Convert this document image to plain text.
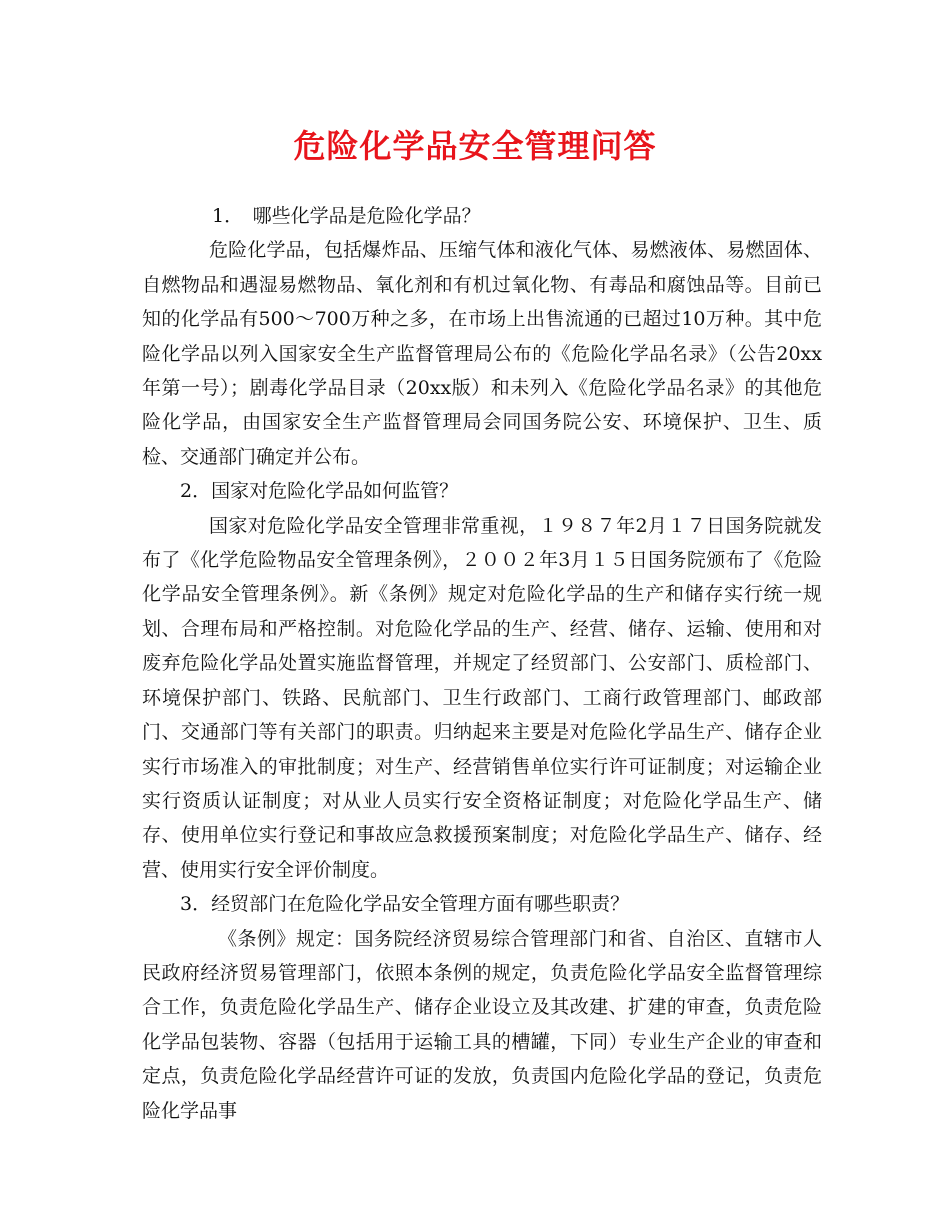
危险化学品安全管理问答

1．　哪些化学品是危险化学品？

危险化学品，包括爆炸品、压缩气体和液化气体、易燃液体、易燃固体、自燃物品和遇湿易燃物品、氧化剂和有机过氧化物、有毒品和腐蚀品等。目前已知的化学品有500～700万种之多，在市场上出售流通的已超过10万种。其中危险化学品以列入国家安全生产监督管理局公布的《危险化学品名录》（公告20xx年第一号）；剧毒化学品目录（20xx版）和未列入《危险化学品名录》的其他危险化学品，由国家安全生产监督管理局会同国务院公安、环境保护、卫生、质检、交通部门确定并公布。

2．国家对危险化学品如何监管？

国家对危险化学品安全管理非常重视，１９８７年2月１７日国务院就发布了《化学危险物品安全管理条例》，２００２年3月１５日国务院颁布了《危险化学品安全管理条例》。新《条例》规定对危险化学品的生产和储存实行统一规划、合理布局和严格控制。对危险化学品的生产、经营、储存、运输、使用和对废弃危险化学品处置实施监督管理，并规定了经贸部门、公安部门、质检部门、环境保护部门、铁路、民航部门、卫生行政部门、工商行政管理部门、邮政部门、交通部门等有关部门的职责。归纳起来主要是对危险化学品生产、储存企业实行市场准入的审批制度；对生产、经营销售单位实行许可证制度；对运输企业实行资质认证制度；对从业人员实行安全资格证制度；对危险化学品生产、储存、使用单位实行登记和事故应急救援预案制度；对危险化学品生产、储存、经营、使用实行安全评价制度。

3．经贸部门在危险化学品安全管理方面有哪些职责？

《条例》规定：国务院经济贸易综合管理部门和省、自治区、直辖市人民政府经济贸易管理部门，依照本条例的规定，负责危险化学品安全监督管理综合工作，负责危险化学品生产、储存企业设立及其改建、扩建的审查，负责危险化学品包装物、容器（包括用于运输工具的槽罐，下同）专业生产企业的审查和定点，负责危险化学品经营许可证的发放，负责国内危险化学品的登记，负责危险化学品事
